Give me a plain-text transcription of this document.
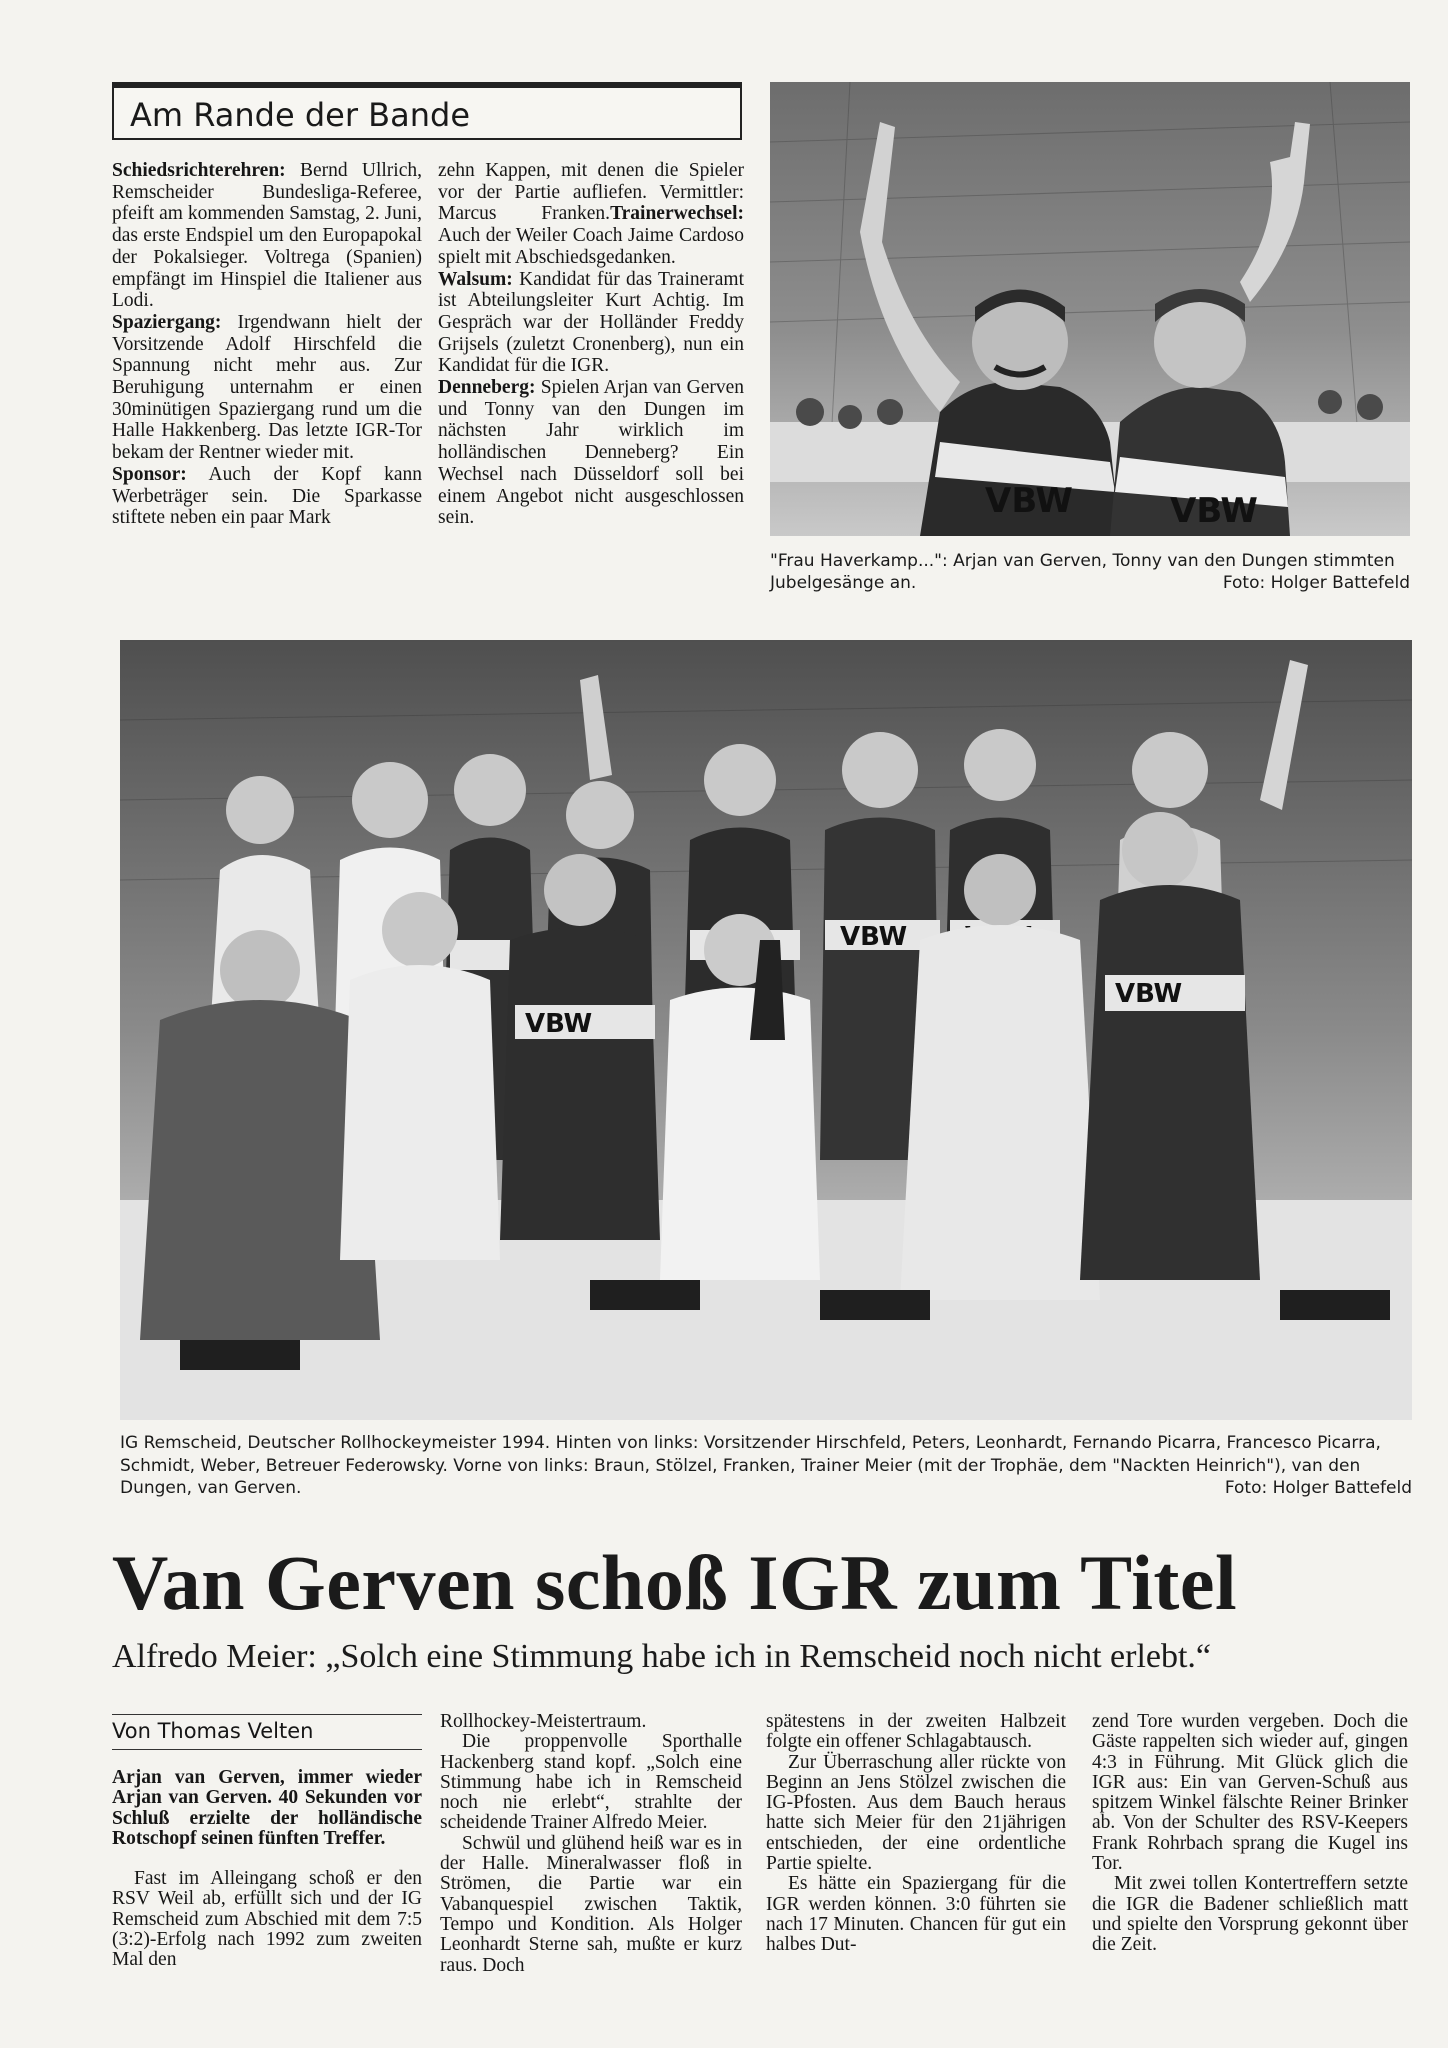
Am Rande der Bande

Schiedsrichterehren: Bernd Ullrich, Remscheider Bundesliga-Referee, pfeift am kommenden Samstag, 2. Juni, das erste Endspiel um den Europapokal der Pokalsieger. Voltrega (Spanien) empfängt im Hinspiel die Italiener aus Lodi.

Spaziergang: Irgendwann hielt der Vorsitzende Adolf Hirschfeld die Spannung nicht mehr aus. Zur Beruhigung unternahm er einen 30minütigen Spaziergang rund um die Halle Hakkenberg. Das letzte IGR-Tor bekam der Rentner wieder mit.

Sponsor: Auch der Kopf kann Werbeträger sein. Die Sparkasse stiftete neben ein paar Mark

zehn Kappen, mit denen die Spieler vor der Partie aufliefen. Vermittler: Marcus Franken.Trainerwechsel: Auch der Weiler Coach Jaime Cardoso spielt mit Abschiedsgedanken.

Walsum: Kandidat für das Traineramt ist Abteilungsleiter Kurt Achtig. Im Gespräch war der Holländer Freddy Grijsels (zuletzt Cronenberg), nun ein Kandidat für die IGR.

Denneberg: Spielen Arjan van Gerven und Tonny van den Dungen im nächsten Jahr wirklich im holländischen Denneberg? Ein Wechsel nach Düsseldorf soll bei einem Angebot nicht ausgeschlossen sein.	VBW	VBW
"Frau Haverkamp...": Arjan van Gerven, Tonny van den Dungen stimmten Jubelgesänge an.	Foto: Holger Battefeld
VBW
VBW
VBW
IG Remscheid, Deutscher Rollhockeymeister 1994. Hinten von links: Vorsitzender Hirschfeld, Peters, Leonhardt, Fernando Picarra, Francesco Picarra, Schmidt, Weber, Betreuer Federowsky. Vorne von links: Braun, Stölzel, Franken, Trainer Meier (mit der Trophäe, dem "Nackten Heinrich"), van den Dungen, van Gerven.	Foto: Holger Battefeld
Van Gerven schoß IGR zum Titel
Alfredo Meier: „Solch eine Stimmung habe ich in Remscheid noch nicht erlebt.“
Von Thomas Velten

Arjan van Gerven, immer wieder Arjan van Gerven. 40 Sekunden vor Schluß erzielte der holländische Rotschopf seinen fünften Treffer.

Fast im Alleingang schoß er den RSV Weil ab, erfüllt sich und der IG Remscheid zum Abschied mit dem 7:5 (3:2)-Erfolg nach 1992 zum zweiten Mal den

Rollhockey-Meistertraum.

Die proppenvolle Sporthalle Hackenberg stand kopf. „Solch eine Stimmung habe ich in Remscheid noch nie erlebt“, strahlte der scheidende Trainer Alfredo Meier.

Schwül und glühend heiß war es in der Halle. Mineralwasser floß in Strömen, die Partie war ein Vabanquespiel zwischen Taktik, Tempo und Kondition. Als Holger Leonhardt Sterne sah, mußte er kurz raus. Doch

spätestens in der zweiten Halbzeit folgte ein offener Schlagabtausch.

Zur Überraschung aller rückte von Beginn an Jens Stölzel zwischen die IG-Pfosten. Aus dem Bauch heraus hatte sich Meier für den 21jährigen entschieden, der eine ordentliche Partie spielte.

Es hätte ein Spaziergang für die IGR werden können. 3:0 führten sie nach 17 Minuten. Chancen für gut ein halbes Dut-

zend Tore wurden vergeben. Doch die Gäste rappelten sich wieder auf, gingen 4:3 in Führung. Mit Glück glich die IGR aus: Ein van Gerven-Schuß aus spitzem Winkel fälschte Reiner Brinker ab. Von der Schulter des RSV-Keepers Frank Rohrbach sprang die Kugel ins Tor.

Mit zwei tollen Kontertreffern setzte die IGR die Badener schließlich matt und spielte den Vorsprung gekonnt über die Zeit.
